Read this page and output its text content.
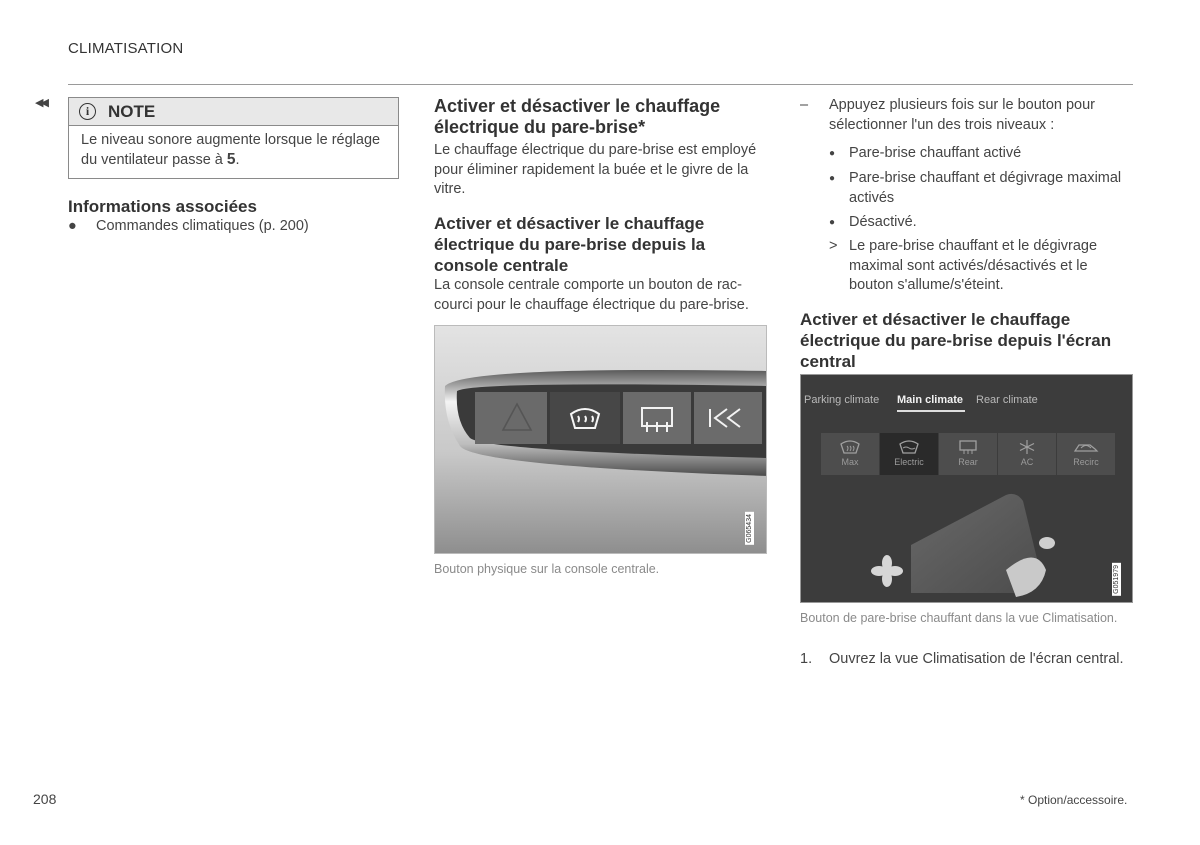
CLIMATISATION
◀◀
i	NOTE
Le niveau sonore augmente lorsque le réglage du ventilateur passe à 5.
Informations associées
●	Commandes climatiques (p. 200)
Activer et désactiver le chauffage électrique du pare-brise*
Le chauffage électrique du pare-brise est employé pour éliminer rapidement la buée et le givre de la vitre.
Activer et désactiver le chauffage électrique du pare-brise depuis la console centrale
La console centrale comporte un bouton de raccourci pour le chauffage électrique du pare-brise.
G065434
Bouton physique sur la console centrale.
–	Appuyez plusieurs fois sur le bouton pour sélectionner l'un des trois niveaux :
● Pare-brise chauffant activé
● Pare-brise chauffant et dégivrage maximal activés
● Désactivé.
> Le pare-brise chauffant et le dégivrage maximal sont activés/désactivés et le bouton s'allume/s'éteint.
Activer et désactiver le chauffage électrique du pare-brise depuis l'écran central
Parking climate Main climate Rear climate
Max	Electric	Rear	AC	Recirc
G051979
Bouton de pare-brise chauffant dans la vue Climatisation.
1.	Ouvrez la vue Climatisation de l'écran central.
208	* Option/accessoire.
